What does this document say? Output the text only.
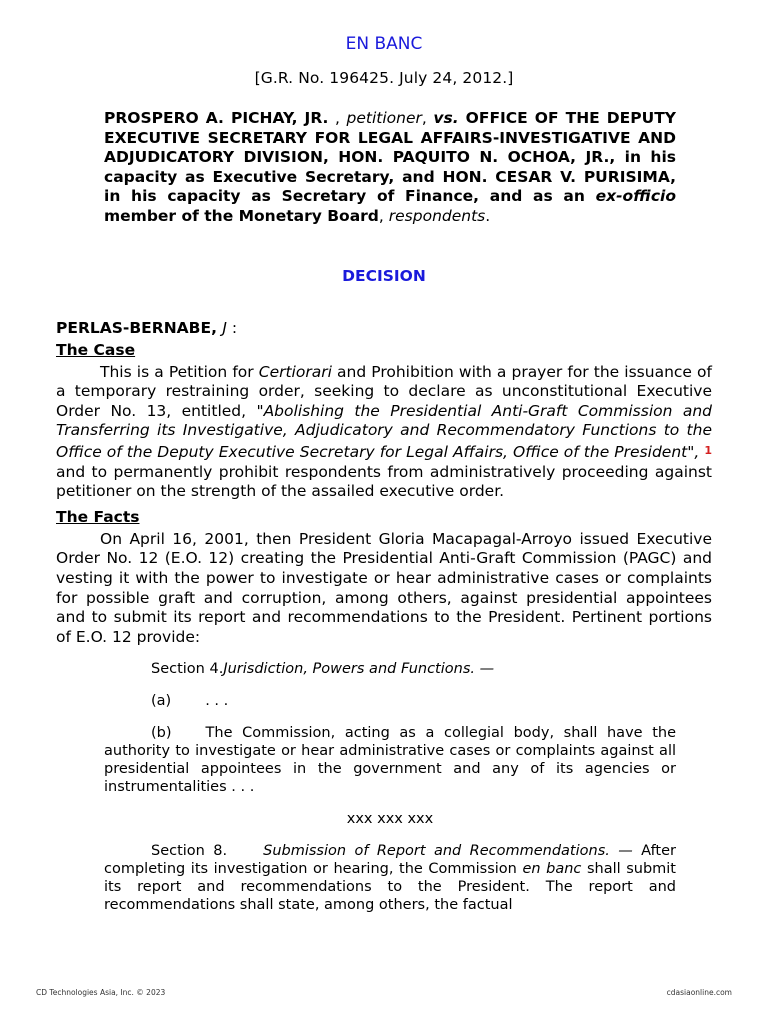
EN BANC
[G.R. No. 196425. July 24, 2012.]
PROSPERO A. PICHAY, JR. , petitioner, vs. OFFICE OF THE DEPUTY EXECUTIVE SECRETARY FOR LEGAL AFFAIRS-INVESTIGATIVE AND ADJUDICATORY DIVISION, HON. PAQUITO N. OCHOA, JR., in his capacity as Executive Secretary, and HON. CESAR V. PURISIMA, in his capacity as Secretary of Finance, and as an ex-officio member of the Monetary Board, respondents.
DECISION
PERLAS-BERNABE, J :
The Case

This is a Petition for Certiorari and Prohibition with a prayer for the issuance of a temporary restraining order, seeking to declare as unconstitutional Executive Order No. 13, entitled, "Abolishing the Presidential Anti-Graft Commission and Transferring its Investigative, Adjudicatory and Recommendatory Functions to the Office of the Deputy Executive Secretary for Legal Affairs, Office of the President", 1 and to permanently prohibit respondents from administratively proceeding against petitioner on the strength of the assailed executive order.

The Facts

On April 16, 2001, then President Gloria Macapagal-Arroyo issued Executive Order No. 12 (E.O. 12) creating the Presidential Anti-Graft Commission (PAGC) and vesting it with the power to investigate or hear administrative cases or complaints for possible graft and corruption, among others, against presidential appointees and to submit its report and recommendations to the President. Pertinent portions of E.O. 12 provide:

Section 4.Jurisdiction, Powers and Functions. —
(a) . . .
(b) The Commission, acting as a collegial body, shall have the authority to investigate or hear administrative cases or complaints against all presidential appointees in the government and any of its agencies or instrumentalities . . .
xxx xxx xxx
Section 8. Submission of Report and Recommendations. — After completing its investigation or hearing, the Commission en banc shall submit its report and recommendations to the President. The report and recommendations shall state, among others, the factual
CD Technologies Asia, Inc. © 2023	cdasiaonline.com
